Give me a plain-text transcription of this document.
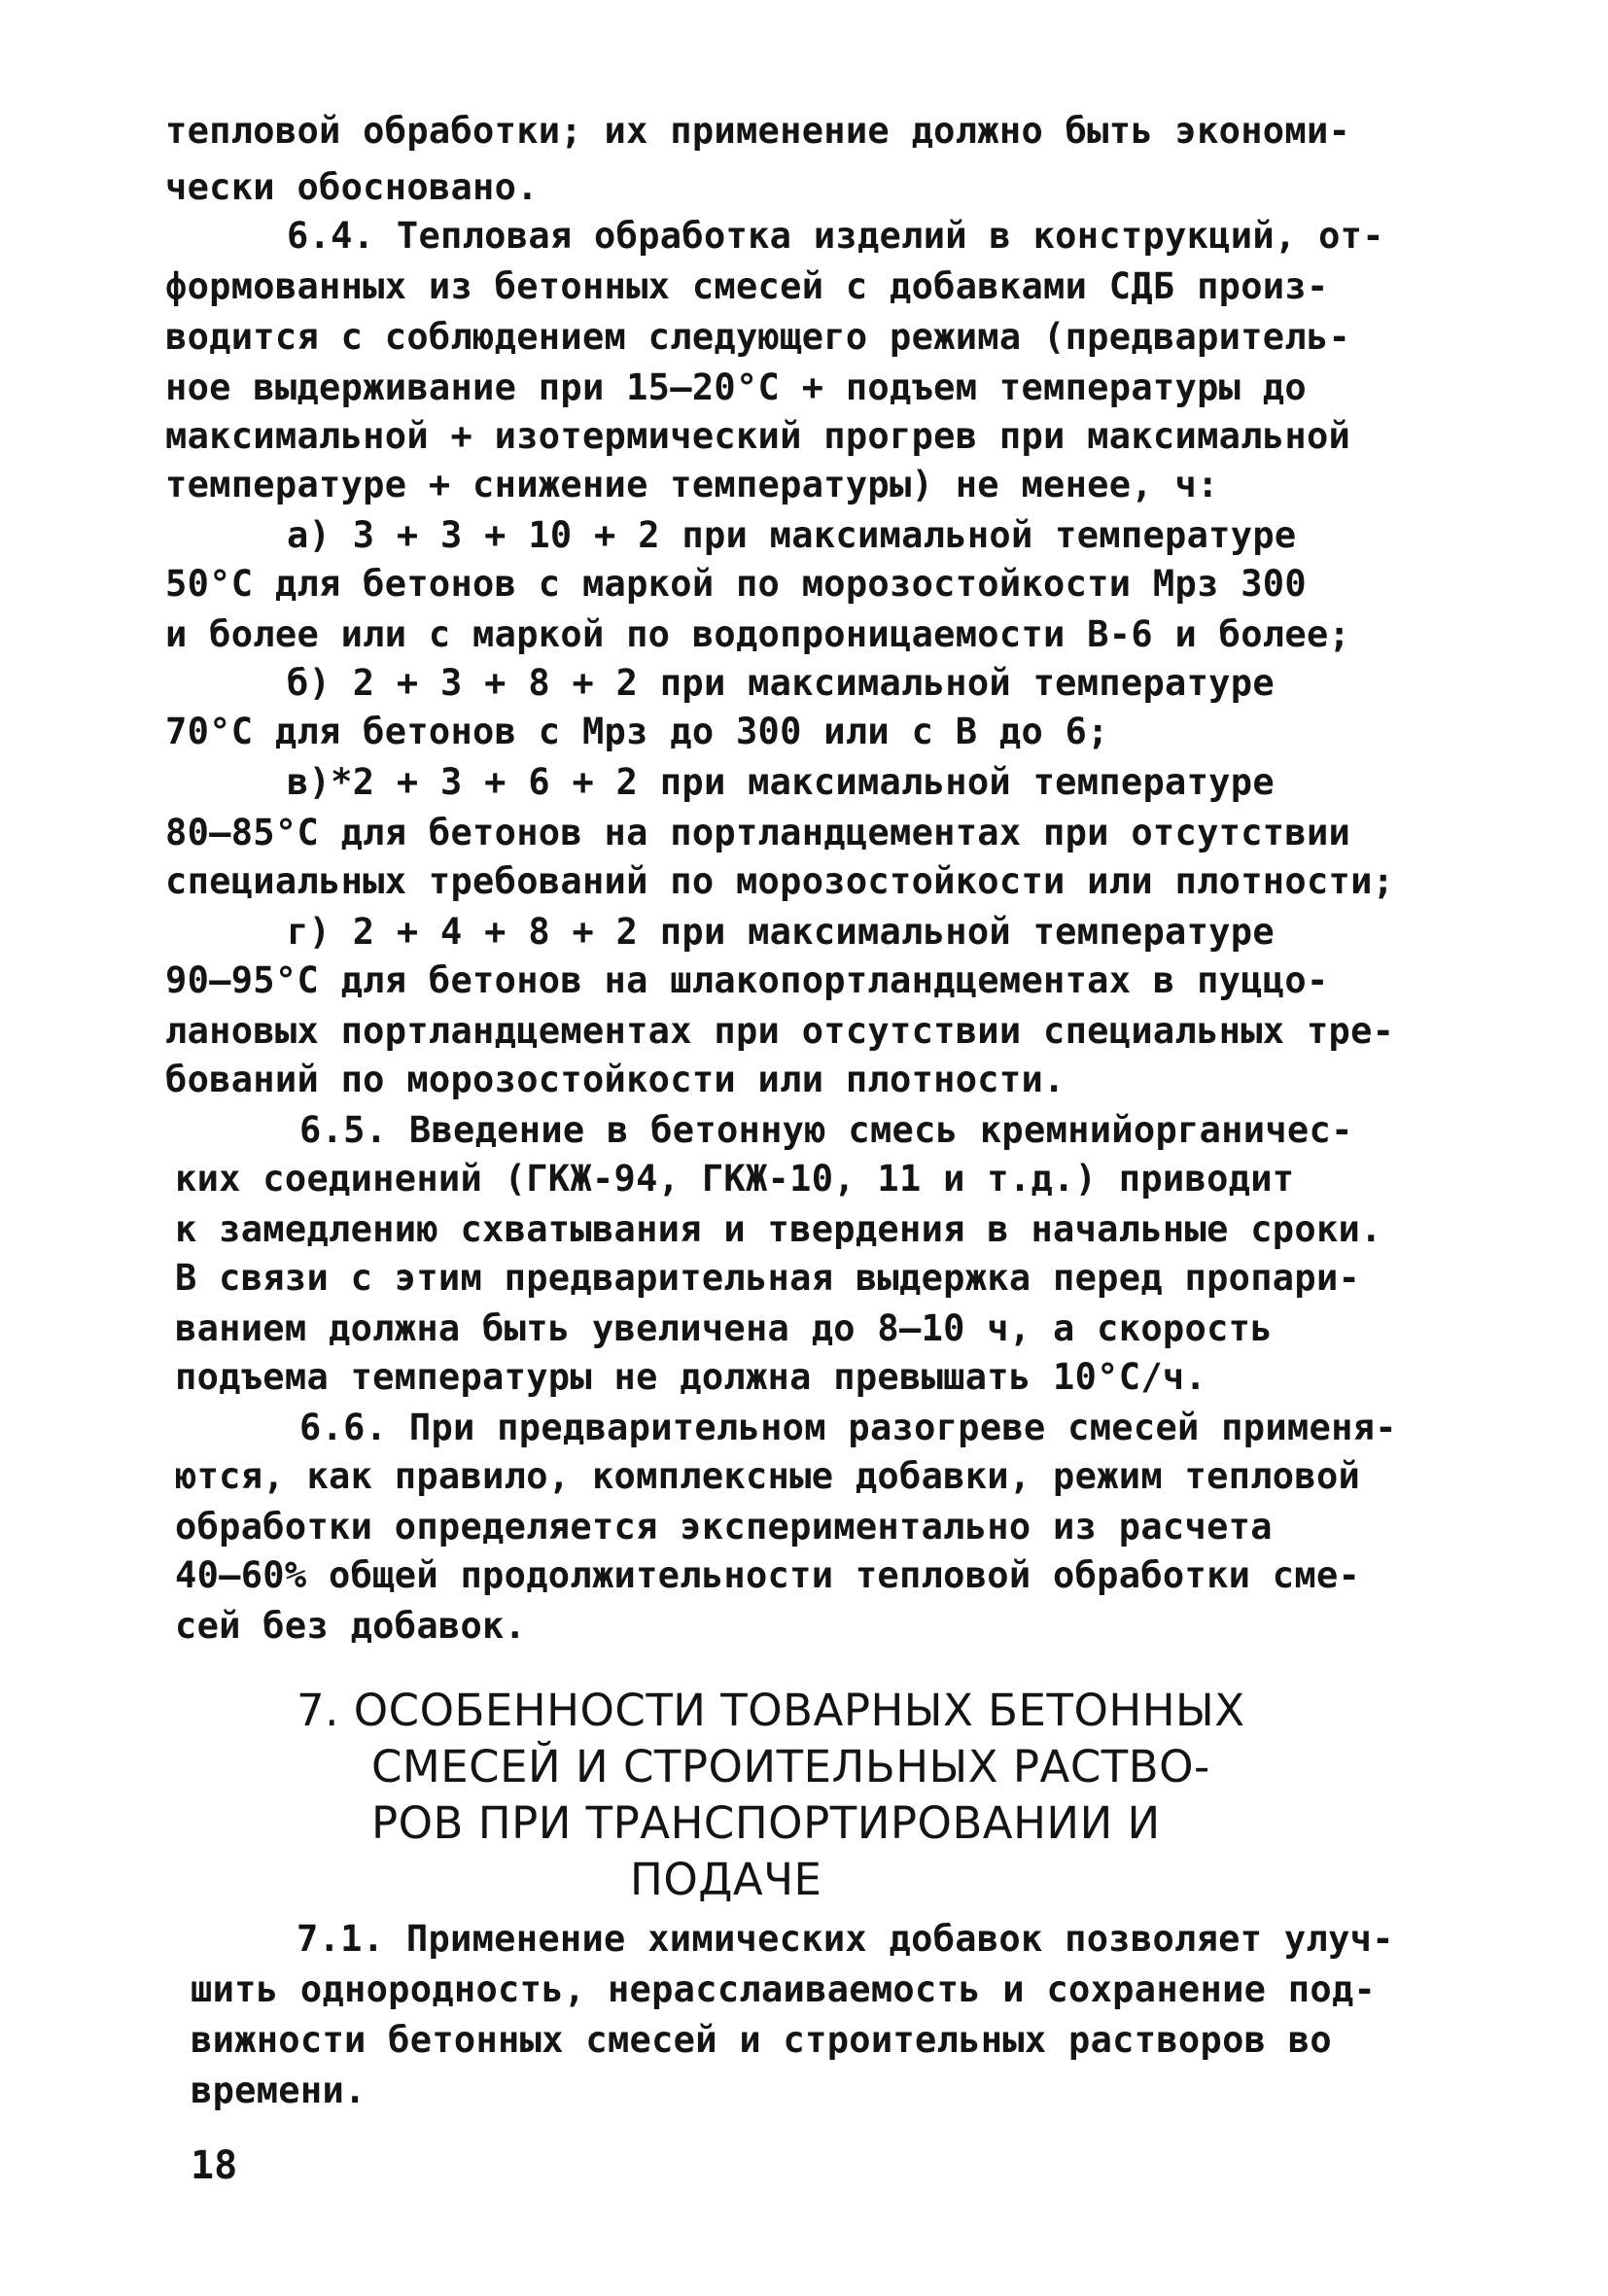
тепловой обработки; их применение должно быть экономи-
чески обосновано.
6.4. Тепловая обработка изделий в конструкций, от-
формованных из бетонных смесей с добавками СДБ произ-
водится с соблюдением следующего режима (предваритель-
ное выдерживание при 15–20°С + подъем температуры до
максимальной + изотермический прогрев при максимальной
температуре + снижение температуры) не менее, ч:
а) 3 + 3 + 10 + 2 при максимальной температуре
50°С для бетонов с маркой по морозостойкости Мрз 300
и более или с маркой по водопроницаемости В-6 и более;
б) 2 + 3 + 8 + 2 при максимальной температуре
70°С для бетонов с Мрз до 300 или с В до 6;
в)*2 + 3 + 6 + 2 при максимальной температуре
80–85°С для бетонов на портландцементах при отсутствии
специальных требований по морозостойкости или плотности;
г) 2 + 4 + 8 + 2 при максимальной температуре
90–95°С для бетонов на шлакопортландцементах в пуццо-
лановых портландцементах при отсутствии специальных тре-
бований по морозостойкости или плотности.
6.5. Введение в бетонную смесь кремнийорганичес-
ких соединений (ГКЖ-94, ГКЖ-10, 11 и т.д.) приводит
к замедлению схватывания и твердения в начальные сроки.
В связи с этим предварительная выдержка перед пропари-
ванием должна быть увеличена до 8–10 ч, а скорость
подъема температуры не должна превышать 10°С/ч.
6.6. При предварительном разогреве смесей применя-
ются, как правило, комплексные добавки, режим тепловой
обработки определяется экспериментально из расчета
40–60% общей продолжительности тепловой обработки сме-
сей без добавок.
7. ОСОБЕННОСТИ ТОВАРНЫХ БЕТОННЫХ
СМЕСЕЙ И СТРОИТЕЛЬНЫХ РАСТВО-
РОВ ПРИ ТРАНСПОРТИРОВАНИИ И
ПОДАЧЕ
7.1. Применение химических добавок позволяет улуч-
шить однородность, нерасслаиваемость и сохранение под-
вижности бетонных смесей и строительных растворов во
времени.
18
